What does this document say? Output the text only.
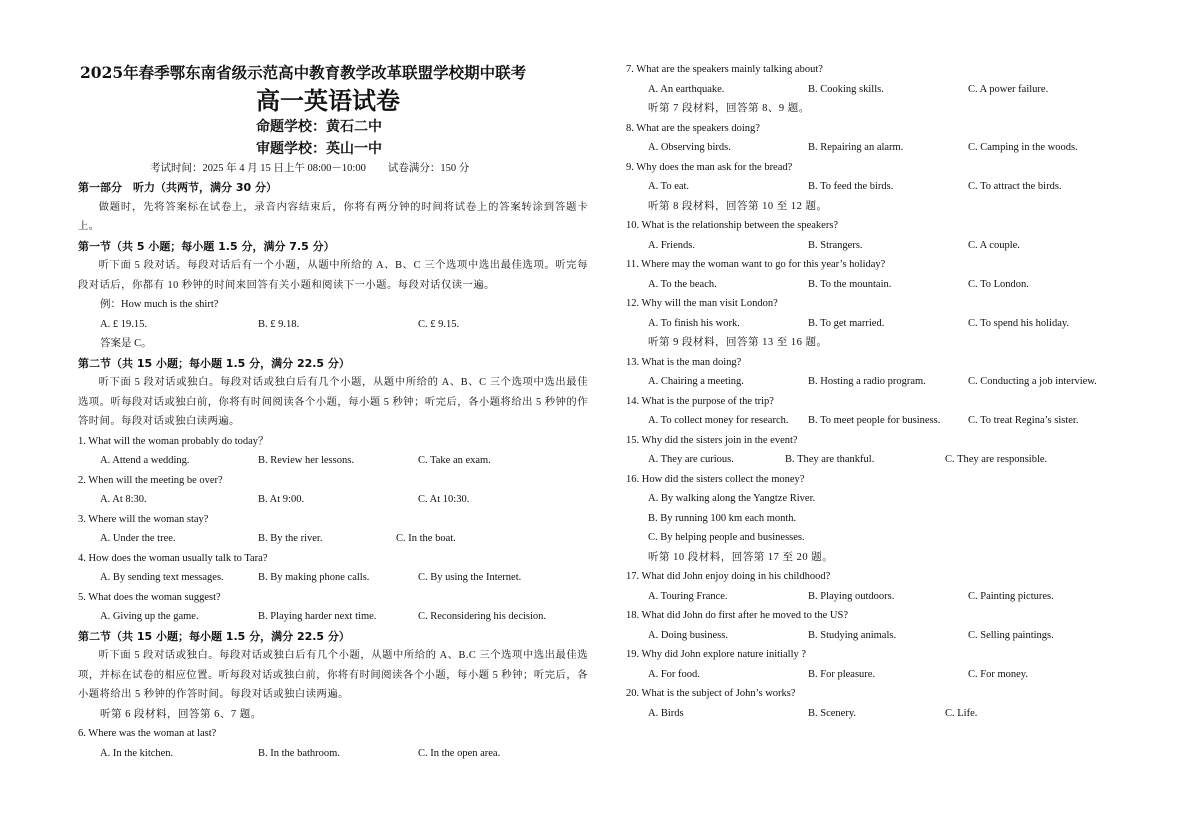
2025年春季鄂东南省级示范高中教育教学改革联盟学校期中联考
高一英语试卷
命题学校：黄石二中
审题学校：英山一中
考试时间：2025 年 4 月 15 日上午 08:00－10:00 试卷满分：150 分
第一部分　听力（共两节，满分 30 分）
做题时，先将答案标在试卷上，录音内容结束后，你将有两分钟的时间将试卷上的答案转涂到答题卡上。
第一节（共 5 小题；每小题 1.5 分，满分 7.5 分）
听下面 5 段对话。每段对话后有一个小题，从题中所给的 A、B、C 三个选项中选出最佳选项。听完每段对话后，你都有 10 秒钟的时间来回答有关小题和阅读下一小题。每段对话仅读一遍。
例：How much is the shirt?
A. £ 19.15.	B. £ 9.18.	C. £ 9.15.
答案是 C。
第二节（共 15 小题；每小题 1.5 分，满分 22.5 分）
听下面 5 段对话或独白。每段对话或独白后有几个小题，从题中所给的 A、B、C 三个选项中选出最佳选项。听每段对话或独白前，你将有时间阅读各个小题，每小题 5 秒钟；听完后，各小题将给出 5 秒钟的作答时间。每段对话或独白读两遍。
1. What will the woman probably do today？
A. Attend a wedding.	B. Review her lessons.	C. Take an exam.
2. When will the meeting be over?
A. At 8:30.	B. At 9:00.	C. At 10:30.
3. Where will the woman stay?
A. Under the tree.	B. By the river.	C. In the boat.
4. How does the woman usually talk to Tara?
A. By sending text messages.	B. By making phone calls.	C. By using the Internet.
5. What does the woman suggest?
A. Giving up the game.	B. Playing harder next time.	C. Reconsidering his decision.
第二节（共 15 小题；每小题 1.5 分，满分 22.5 分）
听下面 5 段对话或独白。每段对话或独白后有几个小题，从题中所给的 A、B.C 三个选项中选出最佳选项，并标在试卷的相应位置。听每段对话或独白前，你将有时间阅读各个小题，每小题 5 秒钟；听完后，各小题将给出 5 秒钟的作答时间。每段对话或独白读两遍。
听第 6 段材料，回答第 6、7 题。
6. Where was the woman at last?
A. In the kitchen.	B. In the bathroom.	C. In the open area.
7. What are the speakers mainly talking about?
A. An earthquake.	B. Cooking skills.	C. A power failure.
听第 7 段材料，回答第 8、9 题。
8. What are the speakers doing?
A. Observing birds.	B. Repairing an alarm.	C. Camping in the woods.
9. Why does the man ask for the bread?
A. To eat.	B. To feed the birds.	C. To attract the birds.
听第 8 段材料，回答第 10 至 12 题。
10. What is the relationship between the speakers?
A. Friends.	B. Strangers.	C. A couple.
11. Where may the woman want to go for this year’s holiday?
A. To the beach.	B. To the mountain.	C. To London.
12. Why will the man visit London?
A. To finish his work.	B. To get married.	C. To spend his holiday.
听第 9 段材料，回答第 13 至 16 题。
13. What is the man doing?
A. Chairing a meeting.	B. Hosting a radio program.	C. Conducting a job interview.
14. What is the purpose of the trip?
A. To collect money for research.	B. To meet people for business.	C. To treat Regina’s sister.
15. Why did the sisters join in the event?
A. They are curious.	B. They are thankful.	C. They are responsible.
16. How did the sisters collect the money?
A. By walking along the Yangtze River.
B. By running 100 km each month.
C. By helping people and businesses.
听第 10 段材料，回答第 17 至 20 题。
17. What did John enjoy doing in his childhood?
A. Touring France.	B. Playing outdoors.	C. Painting pictures.
18. What did John do first after he moved to the US?
A. Doing business.	B. Studying animals.	C. Selling paintings.
19. Why did John explore nature initially ?
A. For food.	B. For pleasure.	C. For money.
20. What is the subject of John’s works?
A. Birds	B. Scenery.	C. Life.
